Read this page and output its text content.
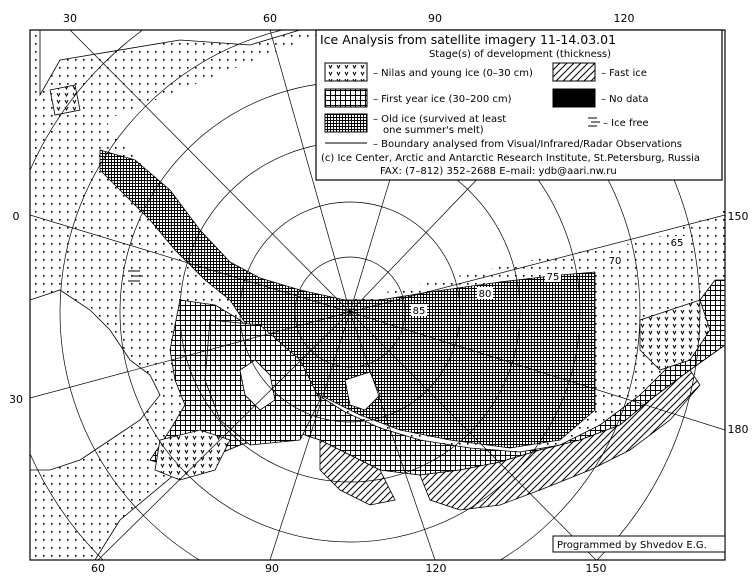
30	60	90	120
60	90	120	150
0
30
150
180
65
70
75
80
85
Ice Analysis from satellite imagery 11-14.03.01
Stage(s) of development (thickness)
– Nilas and young ice (0–30 cm)	– Fast ice
– First year ice (30–200 cm)	– No data
– Old ice (survived at least
one summer's melt)
– Ice free
– Boundary analysed from Visual/Infrared/Radar Observations
(c) Ice Center, Arctic and Antarctic Research Institute, St.Petersburg, Russia
FAX: (7–812) 352–2688 E–mail: ydb@aari.nw.ru
Programmed by Shvedov E.G.
